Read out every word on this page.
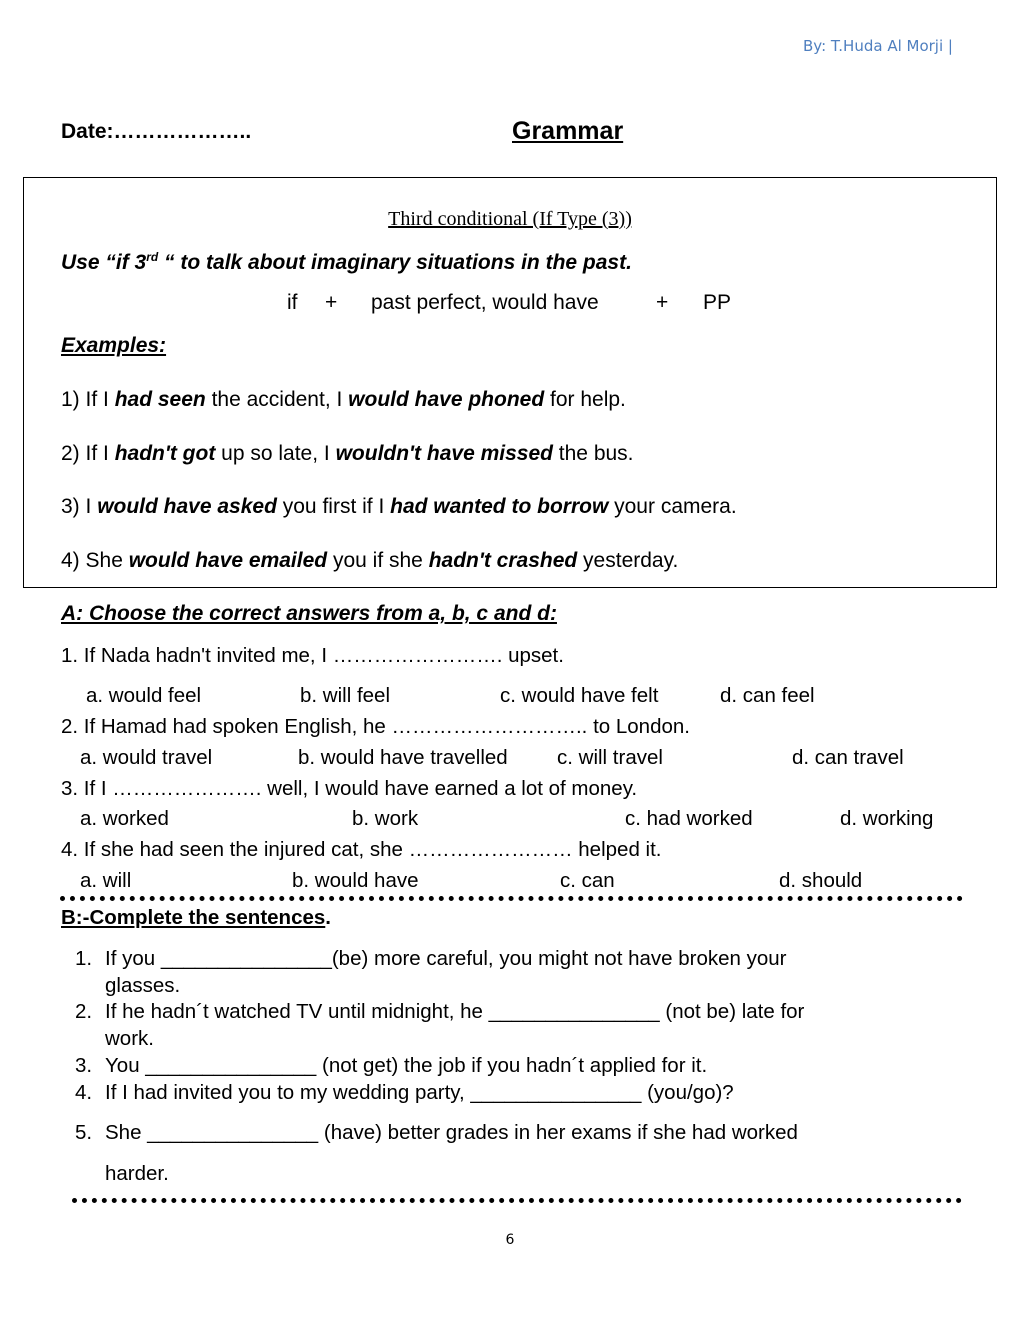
By: T.Huda Al Morji |
Date:………………..	Grammar
Third conditional (If Type (3))
Use “if 3rd “ to talk about imaginary situations in the past.
if + past perfect, would have	+ PP
Examples:
1) If I had seen the accident, I would have phoned for help.
2) If I hadn't got up so late, I wouldn't have missed the bus.
3) I would have asked you first if I had wanted to borrow your camera.
4) She would have emailed you if she hadn't crashed yesterday.
A: Choose the correct answers from a, b, c and d:
1. If Nada hadn't invited me, I ……………………. upset.
a. would feel	b. will feel	c. would have felt	d. can feel
2. If Hamad had spoken English, he ……………………….. to London.
a. would travel	b. would have travelled c. will travel	d. can travel
3. If I …………………. well, I would have earned a lot of money.
a. worked	b. work	c. had worked	d. working
4. If she had seen the injured cat, she …………………… helped it.
a. will	b. would have	c. can	d. should
B:-Complete the sentences.
1. If you _______________(be) more careful, you might not have broken your
glasses.
2. If he hadn´t watched TV until midnight, he _______________ (not be) late for
work.
3. You _______________ (not get) the job if you hadn´t applied for it.
4. If I had invited you to my wedding party, _______________ (you/go)?
5. She _______________ (have) better grades in her exams if she had worked
harder.
6
